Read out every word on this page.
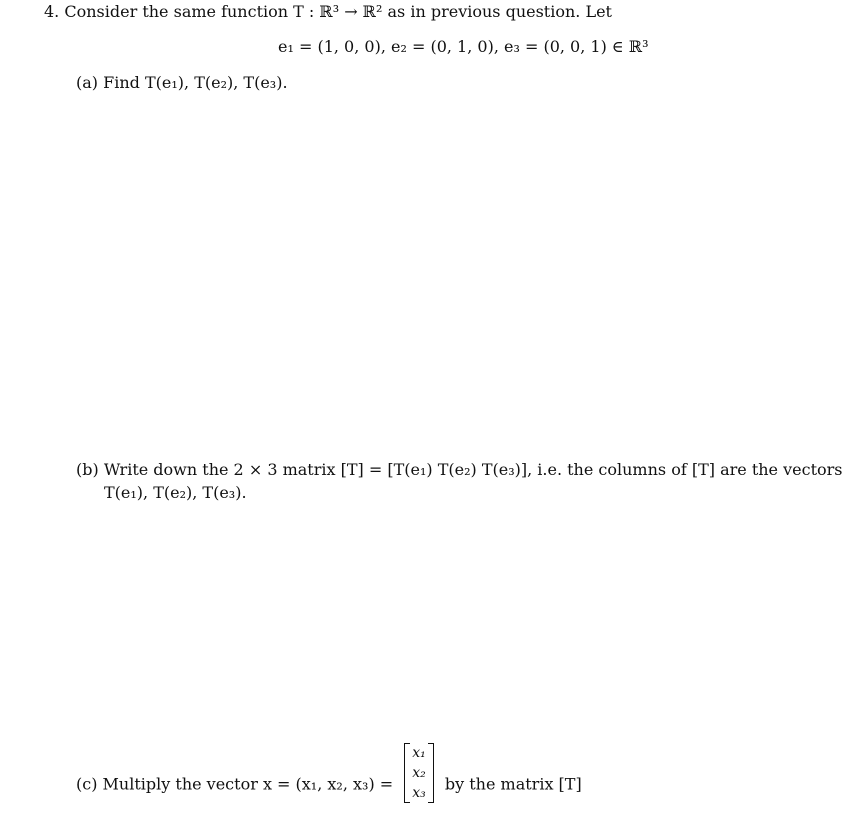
4. Consider the same function T : ℝ³ → ℝ² as in previous question. Let
e₁ = (1, 0, 0), e₂ = (0, 1, 0), e₃ = (0, 0, 1) ∈ ℝ³
(a) Find T(e₁), T(e₂), T(e₃).
(b) Write down the 2 × 3 matrix [T] = [T(e₁) T(e₂) T(e₃)], i.e. the columns of [T] are the vectors
T(e₁), T(e₂), T(e₃).
(c) Multiply the vector x = (x₁, x₂, x₃) =
x₁
x₂
x₃ by the matrix [T]
